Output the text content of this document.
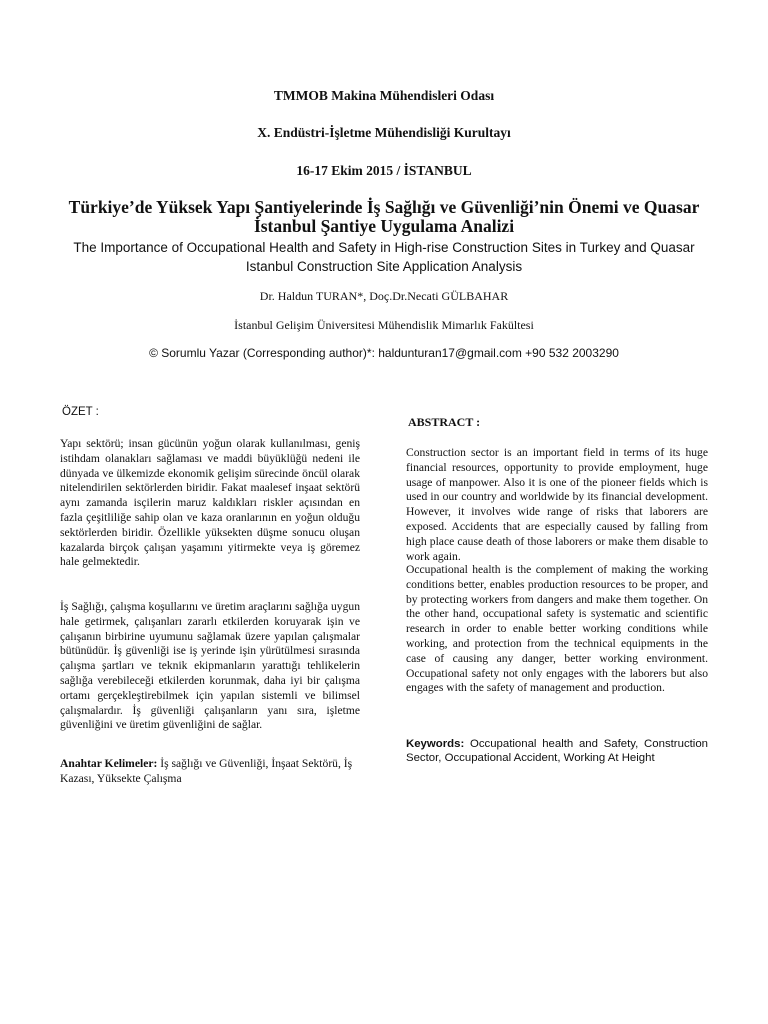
TMMOB Makina Mühendisleri Odası
X. Endüstri-İşletme Mühendisliği Kurultayı
16-17 Ekim 2015 / İSTANBUL
Türkiye’de Yüksek Yapı Şantiyelerinde İş Sağlığı ve Güvenliği’nin Önemi ve Quasar
İstanbul Şantiye Uygulama Analizi
The Importance of Occupational Health and Safety in High-rise Construction Sites in Turkey and Quasar
Istanbul Construction Site Application Analysis
Dr. Haldun TURAN*, Doç.Dr.Necati GÜLBAHAR
İstanbul Gelişim Üniversitesi Mühendislik Mimarlık Fakültesi
© Sorumlu Yazar (Corresponding author)*: haldunturan17@gmail.com +90 532 2003290
ÖZET :

Yapı sektörü; insan gücünün yoğun olarak kullanılması, geniş istihdam olanakları sağlaması ve maddi büyüklüğü nedeni ile dünyada ve ülkemizde ekonomik gelişim sürecinde öncül olarak nitelendirilen sektörlerden biridir. Fakat maalesef inşaat sektörü aynı zamanda isçilerin maruz kaldıkları riskler açısından en fazla çeşitliliğe sahip olan ve kaza oranlarının en yoğun olduğu sektörlerden biridir. Özellikle yüksekten düşme sonucu oluşan kazalarda birçok çalışan yaşamını yitirmekte veya iş göremez hale gelmektedir.

İş Sağlığı, çalışma koşullarını ve üretim araçlarını sağlığa uygun hale getirmek, çalışanları zararlı etkilerden koruyarak işin ve çalışanın birbirine uyumunu sağlamak üzere yapılan çalışmalar bütünüdür. İş güvenliği ise iş yerinde işin yürütülmesi sırasında çalışma şartları ve teknik ekipmanların yarattığı tehlikelerin sağlığa verebileceği etkilerden korunmak, daha iyi bir çalışma ortamı gerçekleştirebilmek için yapılan sistemli ve bilimsel çalışmalardır. İş güvenliği çalışanların yanı sıra, işletme güvenliğini ve üretim güvenliğini de sağlar.

Anahtar Kelimeler: İş sağlığı ve Güvenliği, İnşaat Sektörü, İş Kazası, Yüksekte Çalışma

ABSTRACT :

Construction sector is an important field in terms of its huge financial resources, opportunity to provide employment, huge usage of manpower. Also it is one of the pioneer fields which is used in our country and worldwide by its financial development. However, it involves wide range of risks that laborers are exposed. Accidents that are especially caused by falling from high place cause death of those laborers or make them disable to work again.

Occupational health is the complement of making the working conditions better, enables production resources to be proper, and by protecting workers from dangers and make them together. On the other hand, occupational safety is systematic and scientific research in order to enable better working conditions while working, and protection from the technical equipments in the case of causing any danger, better working environment. Occupational safety not only engages with the laborers but also engages with the safety of management and production.

Keywords: Occupational health and Safety, Construction Sector, Occupational Accident, Working At Height
